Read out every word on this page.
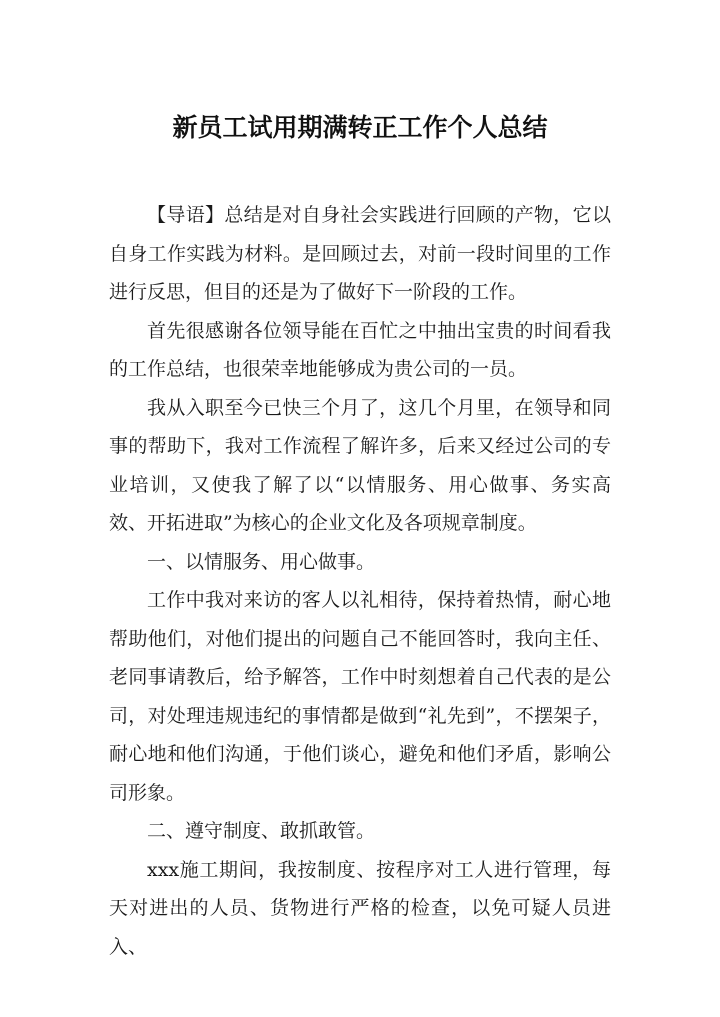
新员工试用期满转正工作个人总结

【导语】总结是对自身社会实践进行回顾的产物，它以自身工作实践为材料。是回顾过去，对前一段时间里的工作进行反思，但目的还是为了做好下一阶段的工作。

首先很感谢各位领导能在百忙之中抽出宝贵的时间看我的工作总结，也很荣幸地能够成为贵公司的一员。

我从入职至今已快三个月了，这几个月里，在领导和同事的帮助下，我对工作流程了解许多，后来又经过公司的专业培训，又使我了解了以“以情服务、用心做事、务实高效、开拓进取”为核心的企业文化及各项规章制度。

一、以情服务、用心做事。

工作中我对来访的客人以礼相待，保持着热情，耐心地帮助他们，对他们提出的问题自己不能回答时，我向主任、老同事请教后，给予解答，工作中时刻想着自己代表的是公司，对处理违规违纪的事情都是做到“礼先到”，不摆架子，耐心地和他们沟通，于他们谈心，避免和他们矛盾，影响公司形象。

二、遵守制度、敢抓敢管。

xxx施工期间，我按制度、按程序对工人进行管理，每天对进出的人员、货物进行严格的检查，以免可疑人员进入、
